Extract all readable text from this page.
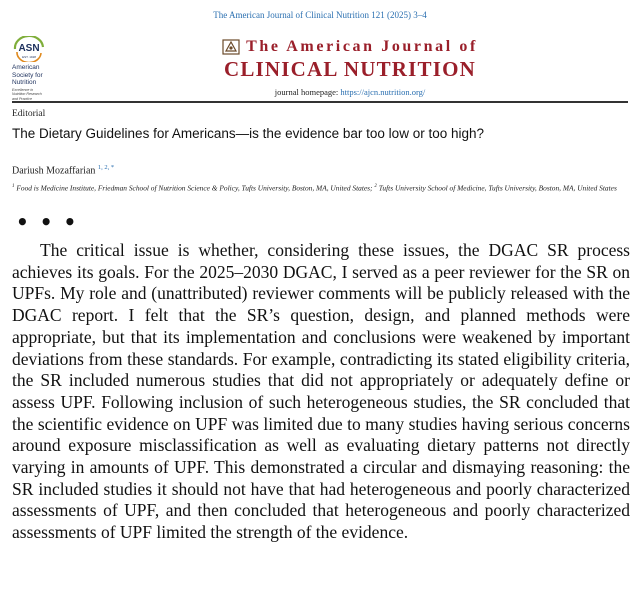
The American Journal of Clinical Nutrition 121 (2025) 3–4
ASN
EST. 1928
American
Society for
Nutrition
Excellence in
Nutrition Research
and Practice
The American Journal of
CLINICAL NUTRITION
journal homepage: https://ajcn.nutrition.org/
Editorial
The Dietary Guidelines for Americans—is the evidence bar too low or too high?
Dariush Mozaffarian $^{1, 2, *}$
$^1$ Food is Medicine Institute, Friedman School of Nutrition Science & Policy, Tufts University, Boston, MA, United States; $^2$ Tufts University School of Medicine, Tufts University, Boston, MA, United States
• • •

The critical issue is whether, considering these issues, the DGAC SR process achieves its goals. For the 2025–2030 DGAC, I served as a peer reviewer for the SR on UPFs. My role and (unattributed) reviewer comments will be publicly released with the DGAC report. I felt that the SR’s question, design, and planned methods were appropriate, but that its implementation and conclusions were weakened by important deviations from these standards. For example, contradicting its stated eligibility criteria, the SR included numerous studies that did not appropriately or adequately define or assess UPF. Following inclusion of such heterogeneous studies, the SR concluded that the scientific evidence on UPF was limited due to many studies having serious concerns around exposure misclassification as well as evaluating dietary patterns not directly varying in amounts of UPF. This demonstrated a circular and dismaying reasoning: the SR included studies it should not have that had heterogeneous and poorly characterized assessments of UPF, and then concluded that heterogeneous and poorly characterized assessments of UPF limited the strength of the evidence.
